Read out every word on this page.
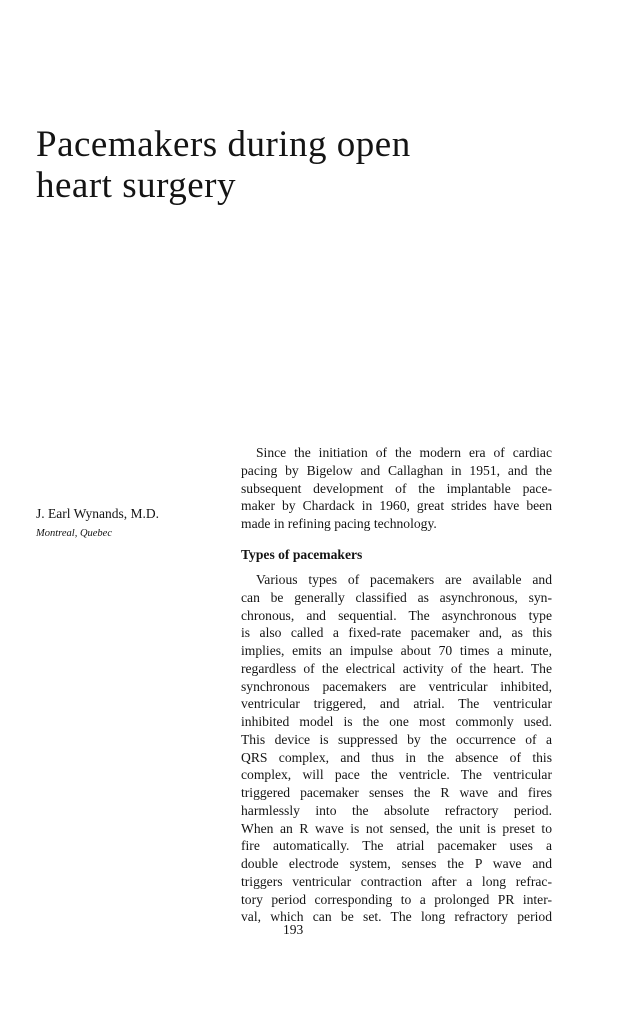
Pacemakers during open
heart surgery
J. Earl Wynands, M.D.
Montreal, Quebec
Since the initiation of the modern era of cardiac
pacing by Bigelow and Callaghan in 1951, and the
subsequent development of the implantable pace-
maker by Chardack in 1960, great strides have been
made in refining pacing technology.
Types of pacemakers
Various types of pacemakers are available and
can be generally classified as asynchronous, syn-
chronous, and sequential. The asynchronous type
is also called a fixed-rate pacemaker and, as this
implies, emits an impulse about 70 times a minute,
regardless of the electrical activity of the heart. The
synchronous pacemakers are ventricular inhibited,
ventricular triggered, and atrial. The ventricular
inhibited model is the one most commonly used.
This device is suppressed by the occurrence of a
QRS complex, and thus in the absence of this
complex, will pace the ventricle. The ventricular
triggered pacemaker senses the R wave and fires
harmlessly into the absolute refractory period.
When an R wave is not sensed, the unit is preset to
fire automatically. The atrial pacemaker uses a
double electrode system, senses the P wave and
triggers ventricular contraction after a long refrac-
tory period corresponding to a prolonged PR inter-
val, which can be set. The long refractory period
193
